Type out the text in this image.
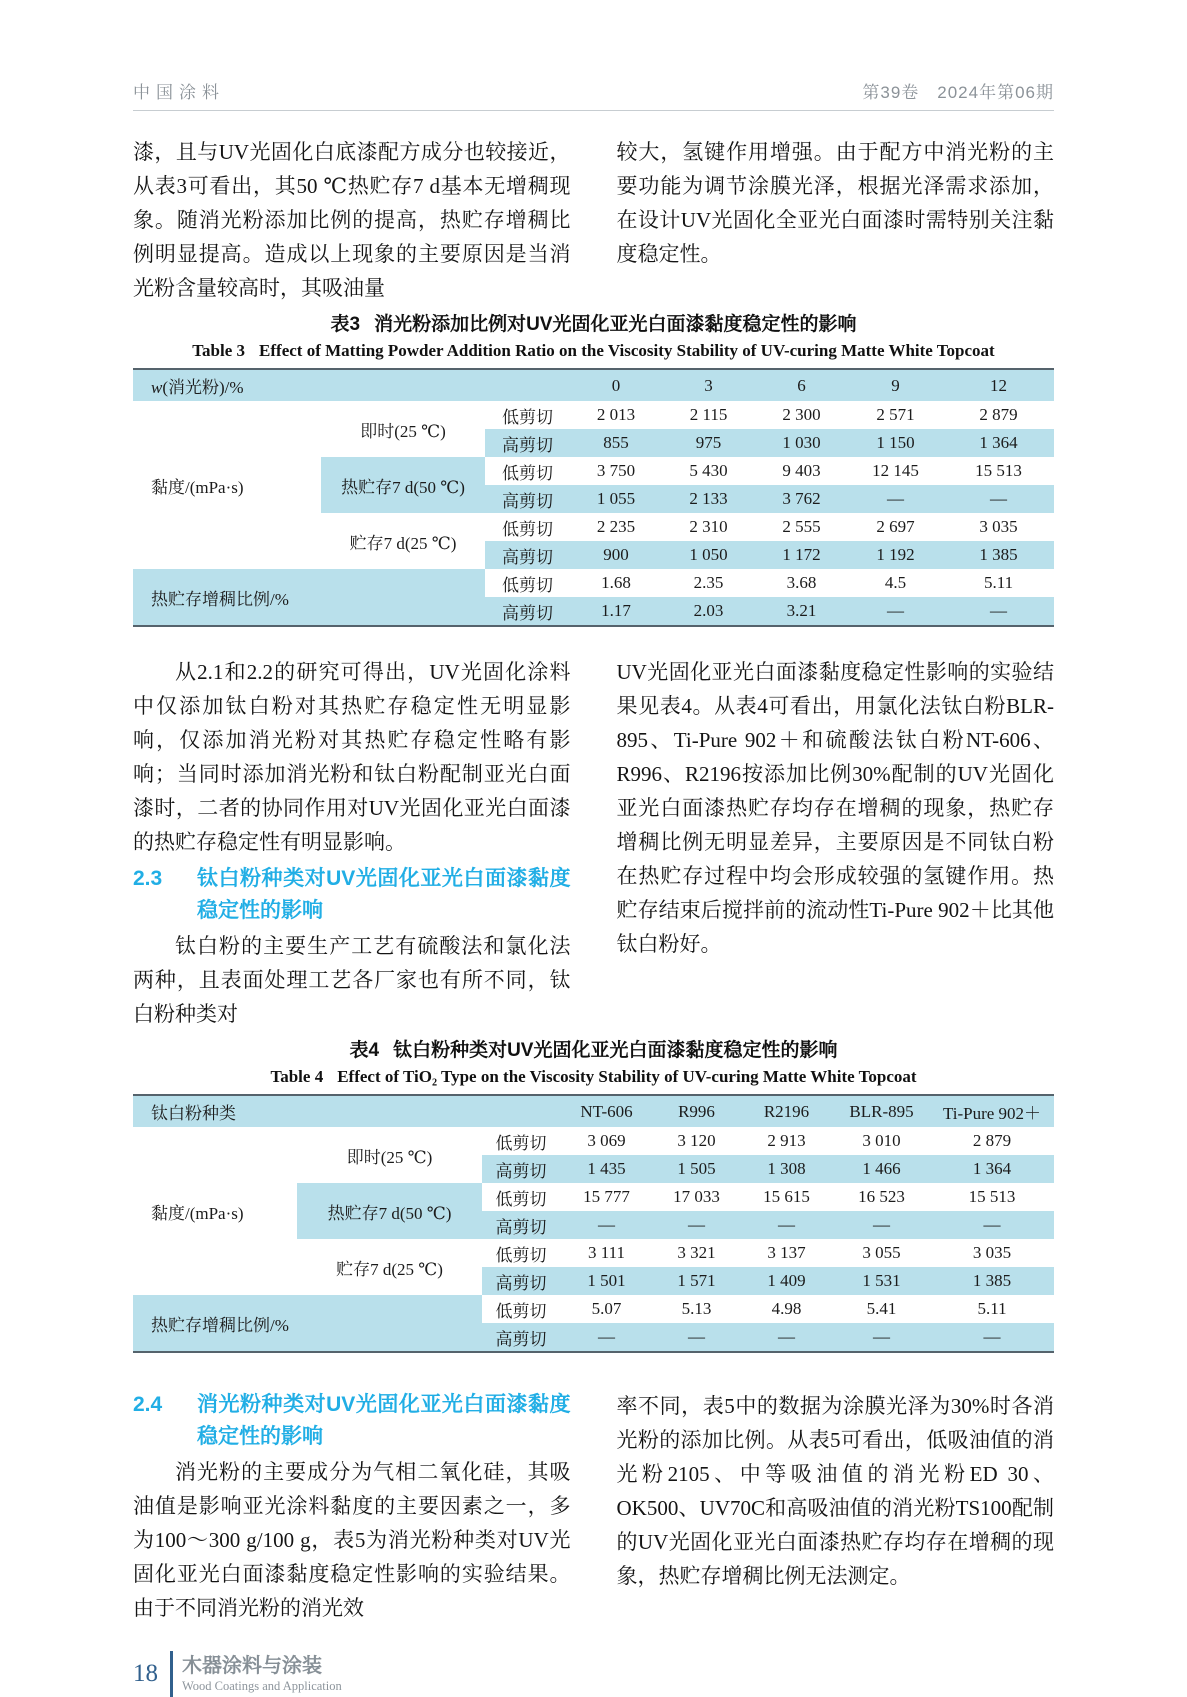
中国涂料	第39卷　2024年第06期

漆，且与UV光固化白底漆配方成分也较接近，从表3可看出，其50 ℃热贮存7 d基本无增稠现象。随消光粉添加比例的提高，热贮存增稠比例明显提高。造成以上现象的主要原因是当消光粉含量较高时，其吸油量

较大，氢键作用增强。由于配方中消光粉的主要功能为调节涂膜光泽，根据光泽需求添加，在设计UV光固化全亚光白面漆时需特别关注黏度稳定性。

表3 消光粉添加比例对UV光固化亚光白面漆黏度稳定性的影响
Table 3 Effect of Matting Powder Addition Ratio on the Viscosity Stability of UV-curing Matte White Topcoat
w(消光粉)/%			0	3	6	9	12
黏度/(mPa·s)	即时(25 ℃)	低剪切	2 013	2 115	2 300	2 571	2 879
		高剪切	855	975	1 030	1 150	1 364
	热贮存7 d(50 ℃)	低剪切	3 750	5 430	9 403	12 145	15 513
		高剪切	1 055	2 133	3 762	—	—
	贮存7 d(25 ℃)	低剪切	2 235	2 310	2 555	2 697	3 035
		高剪切	900	1 050	1 172	1 192	1 385
热贮存增稠比例/%		低剪切	1.68	2.35	3.68	4.5	5.11
		高剪切	1.17	2.03	3.21	—	—

从2.1和2.2的研究可得出，UV光固化涂料中仅添加钛白粉对其热贮存稳定性无明显影响，仅添加消光粉对其热贮存稳定性略有影响；当同时添加消光粉和钛白粉配制亚光白面漆时，二者的协同作用对UV光固化亚光白面漆的热贮存稳定性有明显影响。

2.3 钛白粉种类对UV光固化亚光白面漆黏度稳定性的影响

钛白粉的主要生产工艺有硫酸法和氯化法两种，且表面处理工艺各厂家也有所不同，钛白粉种类对

UV光固化亚光白面漆黏度稳定性影响的实验结果见表4。从表4可看出，用氯化法钛白粉BLR-895、Ti-Pure 902＋和硫酸法钛白粉NT-606、R996、R2196按添加比例30%配制的UV光固化亚光白面漆热贮存均存在增稠的现象，热贮存增稠比例无明显差异，主要原因是不同钛白粉在热贮存过程中均会形成较强的氢键作用。热贮存结束后搅拌前的流动性Ti-Pure 902＋比其他钛白粉好。

表4 钛白粉种类对UV光固化亚光白面漆黏度稳定性的影响
Table 4 Effect of TiO₂ Type on the Viscosity Stability of UV-curing Matte White Topcoat
钛白粉种类			NT-606	R996	R2196	BLR-895	Ti-Pure 902＋
黏度/(mPa·s)	即时(25 ℃)	低剪切	3 069	3 120	2 913	3 010	2 879
		高剪切	1 435	1 505	1 308	1 466	1 364
	热贮存7 d(50 ℃)	低剪切	15 777	17 033	15 615	16 523	15 513
		高剪切	—	—	—	—	—
	贮存7 d(25 ℃)	低剪切	3 111	3 321	3 137	3 055	3 035
		高剪切	1 501	1 571	1 409	1 531	1 385
热贮存增稠比例/%		低剪切	5.07	5.13	4.98	5.41	5.11
		高剪切	—	—	—	—	—
2.4 消光粉种类对UV光固化亚光白面漆黏度稳定性的影响

消光粉的主要成分为气相二氧化硅，其吸油值是影响亚光涂料黏度的主要因素之一，多为100～300 g/100 g，表5为消光粉种类对UV光固化亚光白面漆黏度稳定性影响的实验结果。由于不同消光粉的消光效

率不同，表5中的数据为涂膜光泽为30%时各消光粉的添加比例。从表5可看出，低吸油值的消光粉2105、中等吸油值的消光粉ED 30、OK500、UV70C和高吸油值的消光粉TS100配制的UV光固化亚光白面漆热贮存均存在增稠的现象，热贮存增稠比例无法测定。

18	木器涂料与涂装
Wood Coatings and Application
